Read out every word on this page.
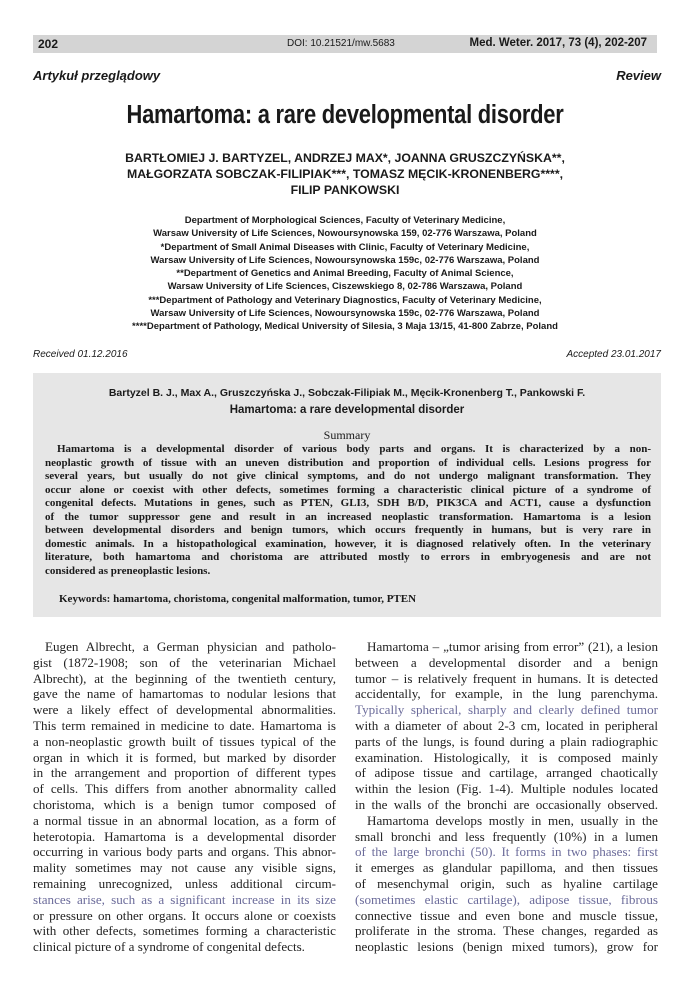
202	DOI: 10.21521/mw.5683	Med. Weter. 2017, 73 (4), 202-207
Artykuł przeglądowy	Review
Hamartoma: a rare developmental disorder
BARTŁOMIEJ J. BARTYZEL, ANDRZEJ MAX*, JOANNA GRUSZCZYŃSKA**,
MAŁGORZATA SOBCZAK-FILIPIAK***, TOMASZ MĘCIK-KRONENBERG****,
FILIP PANKOWSKI
Department of Morphological Sciences, Faculty of Veterinary Medicine,
Warsaw University of Life Sciences, Nowoursynowska 159, 02-776 Warszawa, Poland
*Department of Small Animal Diseases with Clinic, Faculty of Veterinary Medicine,
Warsaw University of Life Sciences, Nowoursynowska 159c, 02-776 Warszawa, Poland
**Department of Genetics and Animal Breeding, Faculty of Animal Science,
Warsaw University of Life Sciences, Ciszewskiego 8, 02-786 Warszawa, Poland
***Department of Pathology and Veterinary Diagnostics, Faculty of Veterinary Medicine,
Warsaw University of Life Sciences, Nowoursynowska 159c, 02-776 Warszawa, Poland
****Department of Pathology, Medical University of Silesia, 3 Maja 13/15, 41-800 Zabrze, Poland
Received 01.12.2016	Accepted 23.01.2017
Bartyzel B. J., Max A., Gruszczyńska J., Sobczak-Filipiak M., Męcik-Kronenberg T., Pankowski F.
Hamartoma: a rare developmental disorder
Summary
Hamartoma is a developmental disorder of various body parts and organs. It is characterized by a non-
neoplastic growth of tissue with an uneven distribution and proportion of individual cells. Lesions progress for
several years, but usually do not give clinical symptoms, and do not undergo malignant transformation. They
occur alone or coexist with other defects, sometimes forming a characteristic clinical picture of a syndrome of
congenital defects. Mutations in genes, such as PTEN, GLI3, SDH B/D, PIK3CA and ACT1, cause a dysfunction
of the tumor suppressor gene and result in an increased neoplastic transformation. Hamartoma is a lesion
between developmental disorders and benign tumors, which occurs frequently in humans, but is very rare in
domestic animals. In a histopathological examination, however, it is diagnosed relatively often. In the veterinary
literature, both hamartoma and choristoma are attributed mostly to errors in embryogenesis and are not
considered as preneoplastic lesions.
Keywords: hamartoma, choristoma, congenital malformation, tumor, PTEN
Eugen Albrecht, a German physician and patholo-
gist (1872-1908; son of the veterinarian Michael
Albrecht), at the beginning of the twentieth century,
gave the name of hamartomas to nodular lesions that
were a likely effect of developmental abnormalities.
This term remained in medicine to date. Hamartoma is
a non-neoplastic growth built of tissues typical of the
organ in which it is formed, but marked by disorder
in the arrangement and proportion of different types
of cells. This differs from another abnormality called
choristoma, which is a benign tumor composed of
a normal tissue in an abnormal location, as a form of
heterotopia. Hamartoma is a developmental disorder
occurring in various body parts and organs. This abnor-
mality sometimes may not cause any visible signs,
remaining unrecognized, unless additional circum-
stances arise, such as a significant increase in its size
or pressure on other organs. It occurs alone or coexists
with other defects, sometimes forming a characteristic
clinical picture of a syndrome of congenital defects.
Hamartoma – „tumor arising from error” (21), a lesion
between a developmental disorder and a benign
tumor – is relatively frequent in humans. It is detected
accidentally, for example, in the lung parenchyma.
Typically spherical, sharply and clearly defined tumor
with a diameter of about 2-3 cm, located in peripheral
parts of the lungs, is found during a plain radiographic
examination. Histologically, it is composed mainly
of adipose tissue and cartilage, arranged chaotically
within the lesion (Fig. 1-4). Multiple nodules located
in the walls of the bronchi are occasionally observed.
Hamartoma develops mostly in men, usually in the
small bronchi and less frequently (10%) in a lumen
of the large bronchi (50). It forms in two phases: first
it emerges as glandular papilloma, and then tissues
of mesenchymal origin, such as hyaline cartilage
(sometimes elastic cartilage), adipose tissue, fibrous
connective tissue and even bone and muscle tissue,
proliferate in the stroma. These changes, regarded as
neoplastic lesions (benign mixed tumors), grow for
